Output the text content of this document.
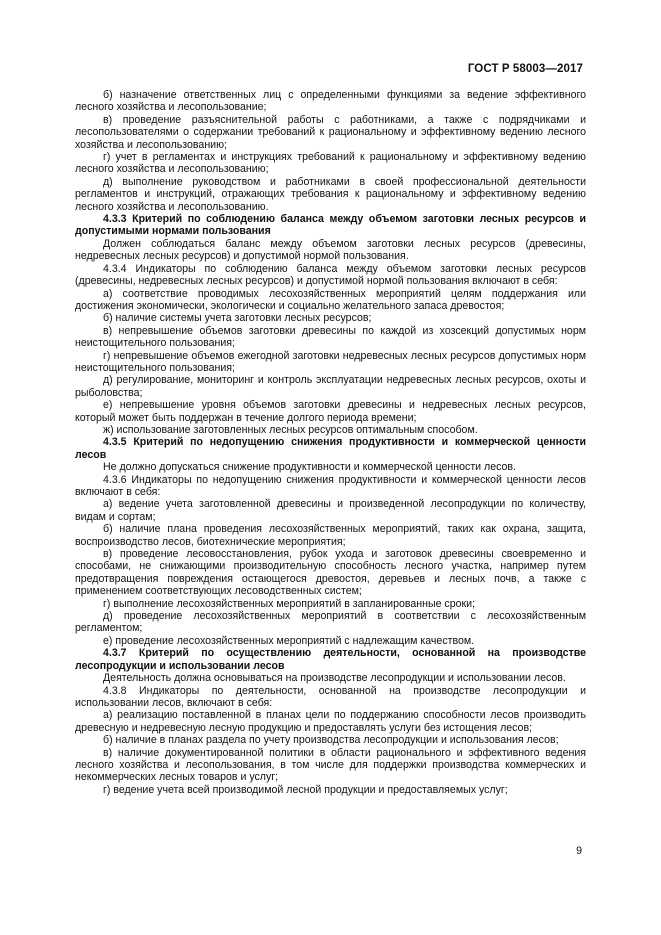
ГОСТ Р 58003—2017

б) назначение ответственных лиц с определенными функциями за ведение эффективного лесного хозяйства и лесопользование;

в) проведение разъяснительной работы с работниками, а также с подрядчиками и лесопользователями о содержании требований к рациональному и эффективному ведению лесного хозяйства и лесопользованию;

г) учет в регламентах и инструкциях требований к рациональному и эффективному ведению лесного хозяйства и лесопользованию;

д) выполнение руководством и работниками в своей профессиональной деятельности регламентов и инструкций, отражающих требования к рациональному и эффективному ведению лесного хозяйства и лесопользованию.

4.3.3 Критерий по соблюдению баланса между объемом заготовки лесных ресурсов и допустимыми нормами пользования

Должен соблюдаться баланс между объемом заготовки лесных ресурсов (древесины, недревесных лесных ресурсов) и допустимой нормой пользования.

4.3.4 Индикаторы по соблюдению баланса между объемом заготовки лесных ресурсов (древесины, недревесных лесных ресурсов) и допустимой нормой пользования включают в себя:

а) соответствие проводимых лесохозяйственных мероприятий целям поддержания или достижения экономически, экологически и социально желательного запаса древостоя;

б) наличие системы учета заготовки лесных ресурсов;

в) непревышение объемов заготовки древесины по каждой из хозсекций допустимых норм неистощительного пользования;

г) непревышение объемов ежегодной заготовки недревесных лесных ресурсов допустимых норм неистощительного пользования;

д) регулирование, мониторинг и контроль эксплуатации недревесных лесных ресурсов, охоты и рыболовства;

е) непревышение уровня объемов заготовки древесины и недревесных лесных ресурсов, который может быть поддержан в течение долгого периода времени;

ж) использование заготовленных лесных ресурсов оптимальным способом.

4.3.5 Критерий по недопущению снижения продуктивности и коммерческой ценности лесов

Не должно допускаться снижение продуктивности и коммерческой ценности лесов.

4.3.6 Индикаторы по недопущению снижения продуктивности и коммерческой ценности лесов включают в себя:

а) ведение учета заготовленной древесины и произведенной лесопродукции по количеству, видам и сортам;

б) наличие плана проведения лесохозяйственных мероприятий, таких как охрана, защита, воспроизводство лесов, биотехнические мероприятия;

в) проведение лесовосстановления, рубок ухода и заготовок древесины своевременно и способами, не снижающими производительную способность лесного участка, например путем предотвращения повреждения остающегося древостоя, деревьев и лесных почв, а также с применением соответствующих лесоводственных систем;

г) выполнение лесохозяйственных мероприятий в запланированные сроки;

д) проведение лесохозяйственных мероприятий в соответствии с лесохозяйственным регламентом;

е) проведение лесохозяйственных мероприятий с надлежащим качеством.

4.3.7 Критерий по осуществлению деятельности, основанной на производстве лесопродукции и использовании лесов

Деятельность должна основываться на производстве лесопродукции и использовании лесов.

4.3.8 Индикаторы по деятельности, основанной на производстве лесопродукции и использовании лесов, включают в себя:

а) реализацию поставленной в планах цели по поддержанию способности лесов производить древесную и недревесную лесную продукцию и предоставлять услуги без истощения лесов;

б) наличие в планах раздела по учету производства лесопродукции и использования лесов;

в) наличие документированной политики в области рационального и эффективного ведения лесного хозяйства и лесопользования, в том числе для поддержки производства коммерческих и некоммерческих лесных товаров и услуг;

г) ведение учета всей производимой лесной продукции и предоставляемых услуг;

9
